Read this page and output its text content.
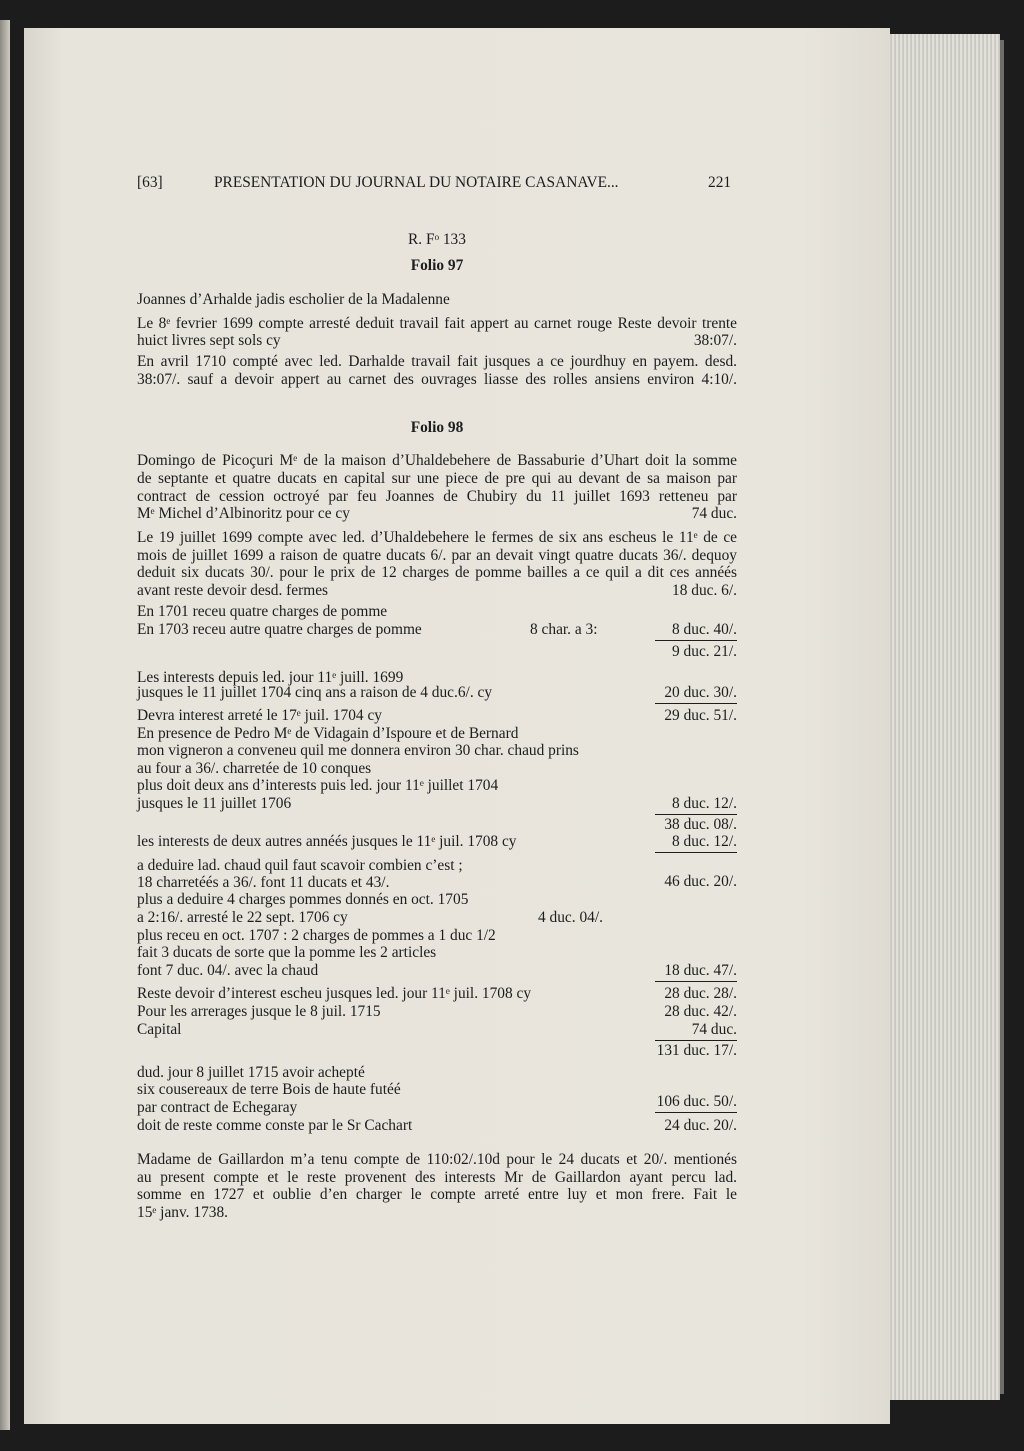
[63]	PRESENTATION DU JOURNAL DU NOTAIRE CASANAVE...	221
R. Fᵒ 133
Folio 97
Folio 98
Joannes d’Arhalde jadis escholier de la Madalenne
Le 8ᵉ fevrier 1699 compte arresté deduit travail fait appert au carnet rouge Reste devoir trente
huict livres sept sols cy	38:07/.
En avril 1710 compté avec led. Darhalde travail fait jusques a ce jourdhuy en payem. desd.
38:07/. sauf a devoir appert au carnet des ouvrages liasse des rolles ansiens environ 4:10/.
Domingo de Picoçuri Mᵉ de la maison d’Uhaldebehere de Bassaburie d’Uhart doit la somme
de septante et quatre ducats en capital sur une piece de pre qui au devant de sa maison par
contract de cession octroyé par feu Joannes de Chubiry du 11 juillet 1693 retteneu par
Mᵉ Michel d’Albinoritz pour ce cy	74 duc.
Le 19 juillet 1699 compte avec led. d’Uhaldebehere le fermes de six ans escheus le 11ᵉ de ce
mois de juillet 1699 a raison de quatre ducats 6/. par an devait vingt quatre ducats 36/. dequoy
deduit six ducats 30/. pour le prix de 12 charges de pomme bailles a ce quil a dit ces annéés
avant reste devoir desd. fermes	18 duc. 6/.
En 1701 receu quatre charges de pomme
En 1703 receu autre quatre charges de pomme	8 char. a 3:	8 duc. 40/.
9 duc. 21/.
Les interests depuis led. jour 11ᵉ juill. 1699
jusques le 11 juillet 1704 cinq ans a raison de 4 duc.6/. cy	20 duc. 30/.
Devra interest arreté le 17ᵉ juil. 1704 cy	29 duc. 51/.
En presence de Pedro Mᵉ de Vidagain d’Ispoure et de Bernard
mon vigneron a conveneu quil me donnera environ 30 char. chaud prins
au four a 36/. charretée de 10 conques
plus doit deux ans d’interests puis led. jour 11ᵉ juillet 1704
jusques le 11 juillet 1706	8 duc. 12/.
38 duc. 08/.
les interests de deux autres annéés jusques le 11ᵉ juil. 1708 cy	8 duc. 12/.
a deduire lad. chaud quil faut scavoir combien c’est ;
18 charretéés a 36/. font 11 ducats et 43/.	46 duc. 20/.
plus a deduire 4 charges pommes donnés en oct. 1705
a 2:16/. arresté le 22 sept. 1706 cy	4 duc. 04/.
plus receu en oct. 1707 : 2 charges de pommes a 1 duc 1/2
fait 3 ducats de sorte que la pomme les 2 articles
font 7 duc. 04/. avec la chaud	18 duc. 47/.
Reste devoir d’interest escheu jusques led. jour 11ᵉ juil. 1708 cy	28 duc. 28/.
Pour les arrerages jusque le 8 juil. 1715	28 duc. 42/.
Capital	74 duc.
131 duc. 17/.
dud. jour 8 juillet 1715 avoir achepté
six cousereaux de terre Bois de haute futéé
par contract de Echegaray	106 duc. 50/.
doit de reste comme conste par le Sr Cachart	24 duc. 20/.
Madame de Gaillardon m’a tenu compte de 110:02/.10d pour le 24 ducats et 20/. mentionés
au present compte et le reste provenent des interests Mr de Gaillardon ayant percu lad.
somme en 1727 et oublie d’en charger le compte arreté entre luy et mon frere. Fait le
15ᵉ janv. 1738.
